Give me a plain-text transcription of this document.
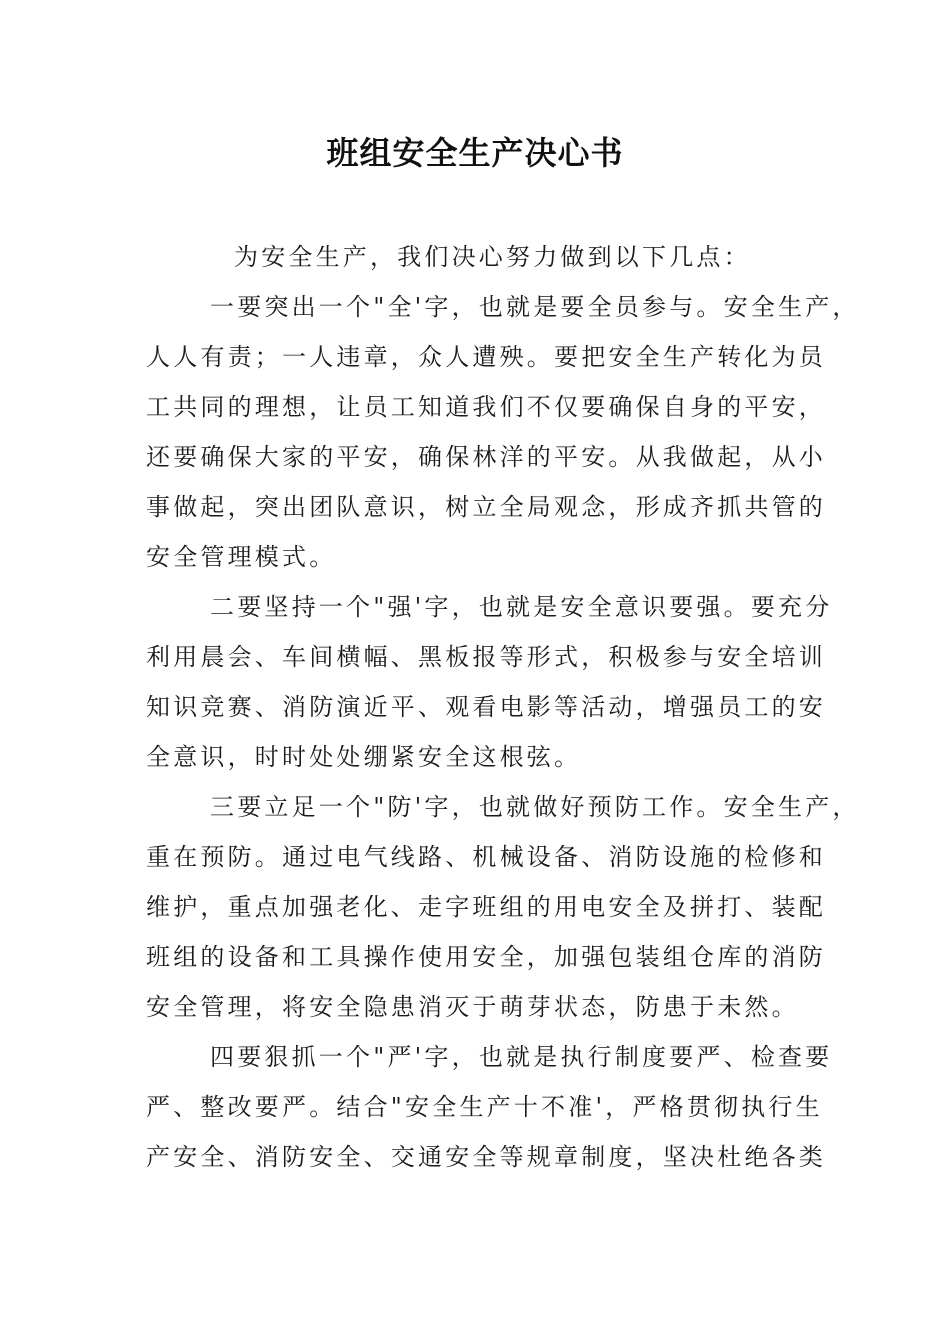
班组安全生产决心书
为安全生产，我们决心努力做到以下几点：
一要突出一个"全'字，也就是要全员参与。安全生产，
人人有责；一人违章，众人遭殃。要把安全生产转化为员
工共同的理想，让员工知道我们不仅要确保自身的平安，
还要确保大家的平安，确保林洋的平安。从我做起，从小
事做起，突出团队意识，树立全局观念，形成齐抓共管的
安全管理模式。
二要坚持一个"强'字，也就是安全意识要强。要充分
利用晨会、车间横幅、黑板报等形式，积极参与安全培训
知识竞赛、消防演近平、观看电影等活动，增强员工的安
全意识，时时处处绷紧安全这根弦。
三要立足一个"防'字，也就做好预防工作。安全生产，
重在预防。通过电气线路、机械设备、消防设施的检修和
维护，重点加强老化、走字班组的用电安全及拼打、装配
班组的设备和工具操作使用安全，加强包装组仓库的消防
安全管理，将安全隐患消灭于萌芽状态，防患于未然。
四要狠抓一个"严'字，也就是执行制度要严、检查要
严、整改要严。结合"安全生产十不准'，严格贯彻执行生
产安全、消防安全、交通安全等规章制度，坚决杜绝各类
